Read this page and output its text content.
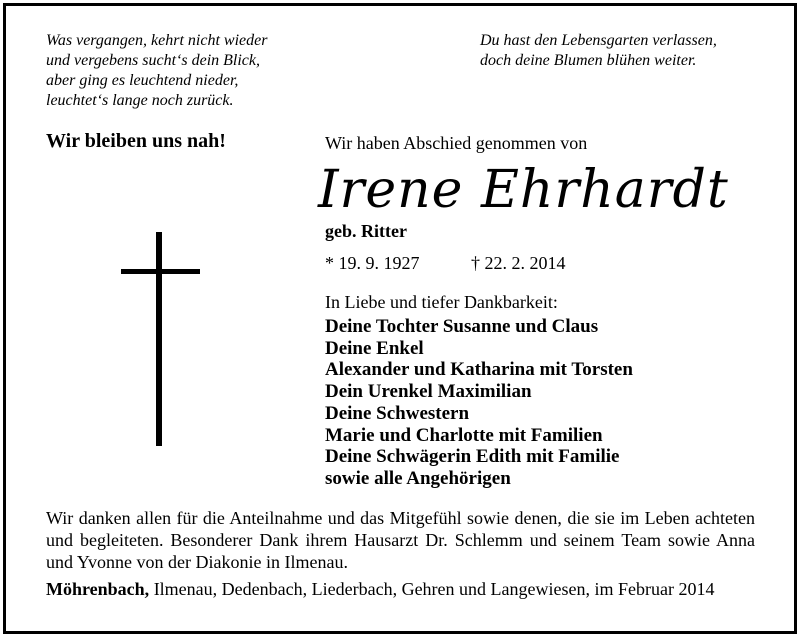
Was vergangen, kehrt nicht wieder
und vergebens sucht‘s dein Blick,
aber ging es leuchtend nieder,
leuchtet‘s lange noch zurück.
Du hast den Lebensgarten verlassen,
doch deine Blumen blühen weiter.
Wir bleiben uns nah!	Wir haben Abschied genommen von
Irene Ehrhardt
geb. Ritter
* 19. 9. 1927	† 22. 2. 2014
In Liebe und tiefer Dankbarkeit:
Deine Tochter Susanne und Claus
Deine Enkel
Alexander und Katharina mit Torsten
Dein Urenkel Maximilian
Deine Schwestern
Marie und Charlotte mit Familien
Deine Schwägerin Edith mit Familie
sowie alle Angehörigen
Wir danken allen für die Anteilnahme und das Mitgefühl sowie denen, die sie im Leben achteten und begleiteten. Besonderer Dank ihrem Hausarzt Dr. Schlemm und seinem Team sowie Anna und Yvonne von der Diakonie in Ilmenau.
Möhrenbach, Ilmenau, Dedenbach, Liederbach, Gehren und Langewiesen, im Februar 2014
